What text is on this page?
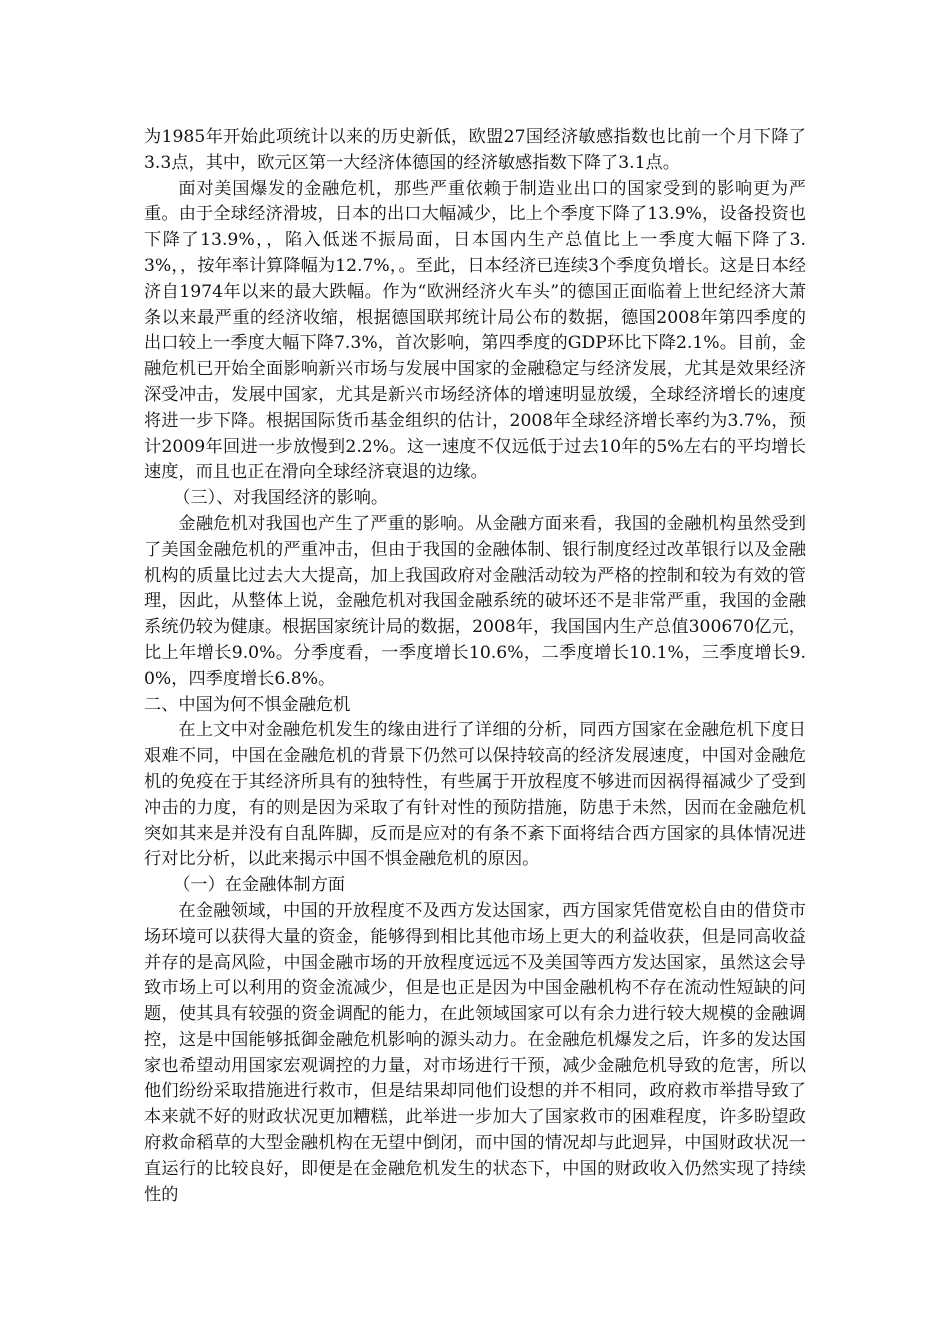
为1985年开始此项统计以来的历史新低，欧盟27国经济敏感指数也比前一个月下降了3.3点，其中，欧元区第一大经济体德国的经济敏感指数下降了3.1点。

面对美国爆发的金融危机，那些严重依赖于制造业出口的国家受到的影响更为严重。由于全球经济滑坡，日本的出口大幅减少，比上个季度下降了13.9%，设备投资也下降了13.9%，，陷入低迷不振局面，日本国内生产总值比上一季度大幅下降了3.3%，，按年率计算降幅为12.7%，。至此，日本经济已连续3个季度负增长。这是日本经济自1974年以来的最大跌幅。作为“欧洲经济火车头”的德国正面临着上世纪经济大萧条以来最严重的经济收缩，根据德国联邦统计局公布的数据，德国2008年第四季度的出口较上一季度大幅下降7.3%，首次影响，第四季度的GDP环比下降2.1%。目前，金融危机已开始全面影响新兴市场与发展中国家的金融稳定与经济发展，尤其是效果经济深受冲击，发展中国家，尤其是新兴市场经济体的增速明显放缓，全球经济增长的速度将进一步下降。根据国际货币基金组织的估计，2008年全球经济增长率约为3.7%，预计2009年回进一步放慢到2.2%。这一速度不仅远低于过去10年的5%左右的平均增长速度，而且也正在滑向全球经济衰退的边缘。

（三）、对我国经济的影响。

金融危机对我国也产生了严重的影响。从金融方面来看，我国的金融机构虽然受到了美国金融危机的严重冲击，但由于我国的金融体制、银行制度经过改革银行以及金融机构的质量比过去大大提高，加上我国政府对金融活动较为严格的控制和较为有效的管理，因此，从整体上说，金融危机对我国金融系统的破坏还不是非常严重，我国的金融系统仍较为健康。根据国家统计局的数据，2008年，我国国内生产总值300670亿元，比上年增长9.0%。分季度看，一季度增长10.6%，二季度增长10.1%，三季度增长9.0%，四季度增长6.8%。

二、中国为何不惧金融危机

在上文中对金融危机发生的缘由进行了详细的分析，同西方国家在金融危机下度日艰难不同，中国在金融危机的背景下仍然可以保持较高的经济发展速度，中国对金融危机的免疫在于其经济所具有的独特性，有些属于开放程度不够进而因祸得福减少了受到冲击的力度，有的则是因为采取了有针对性的预防措施，防患于未然，因而在金融危机突如其来是并没有自乱阵脚，反而是应对的有条不紊下面将结合西方国家的具体情况进行对比分析，以此来揭示中国不惧金融危机的原因。

（一）在金融体制方面

在金融领域，中国的开放程度不及西方发达国家，西方国家凭借宽松自由的借贷市场环境可以获得大量的资金，能够得到相比其他市场上更大的利益收获，但是同高收益并存的是高风险，中国金融市场的开放程度远远不及美国等西方发达国家，虽然这会导致市场上可以利用的资金流减少，但是也正是因为中国金融机构不存在流动性短缺的问题，使其具有较强的资金调配的能力，在此领域国家可以有余力进行较大规模的金融调控，这是中国能够抵御金融危机影响的源头动力。在金融危机爆发之后，许多的发达国家也希望动用国家宏观调控的力量，对市场进行干预，减少金融危机导致的危害，所以他们纷纷采取措施进行救市，但是结果却同他们设想的并不相同，政府救市举措导致了本来就不好的财政状况更加糟糕，此举进一步加大了国家救市的困难程度，许多盼望政府救命稻草的大型金融机构在无望中倒闭，而中国的情况却与此迥异，中国财政状况一直运行的比较良好，即便是在金融危机发生的状态下，中国的财政收入仍然实现了持续性的
